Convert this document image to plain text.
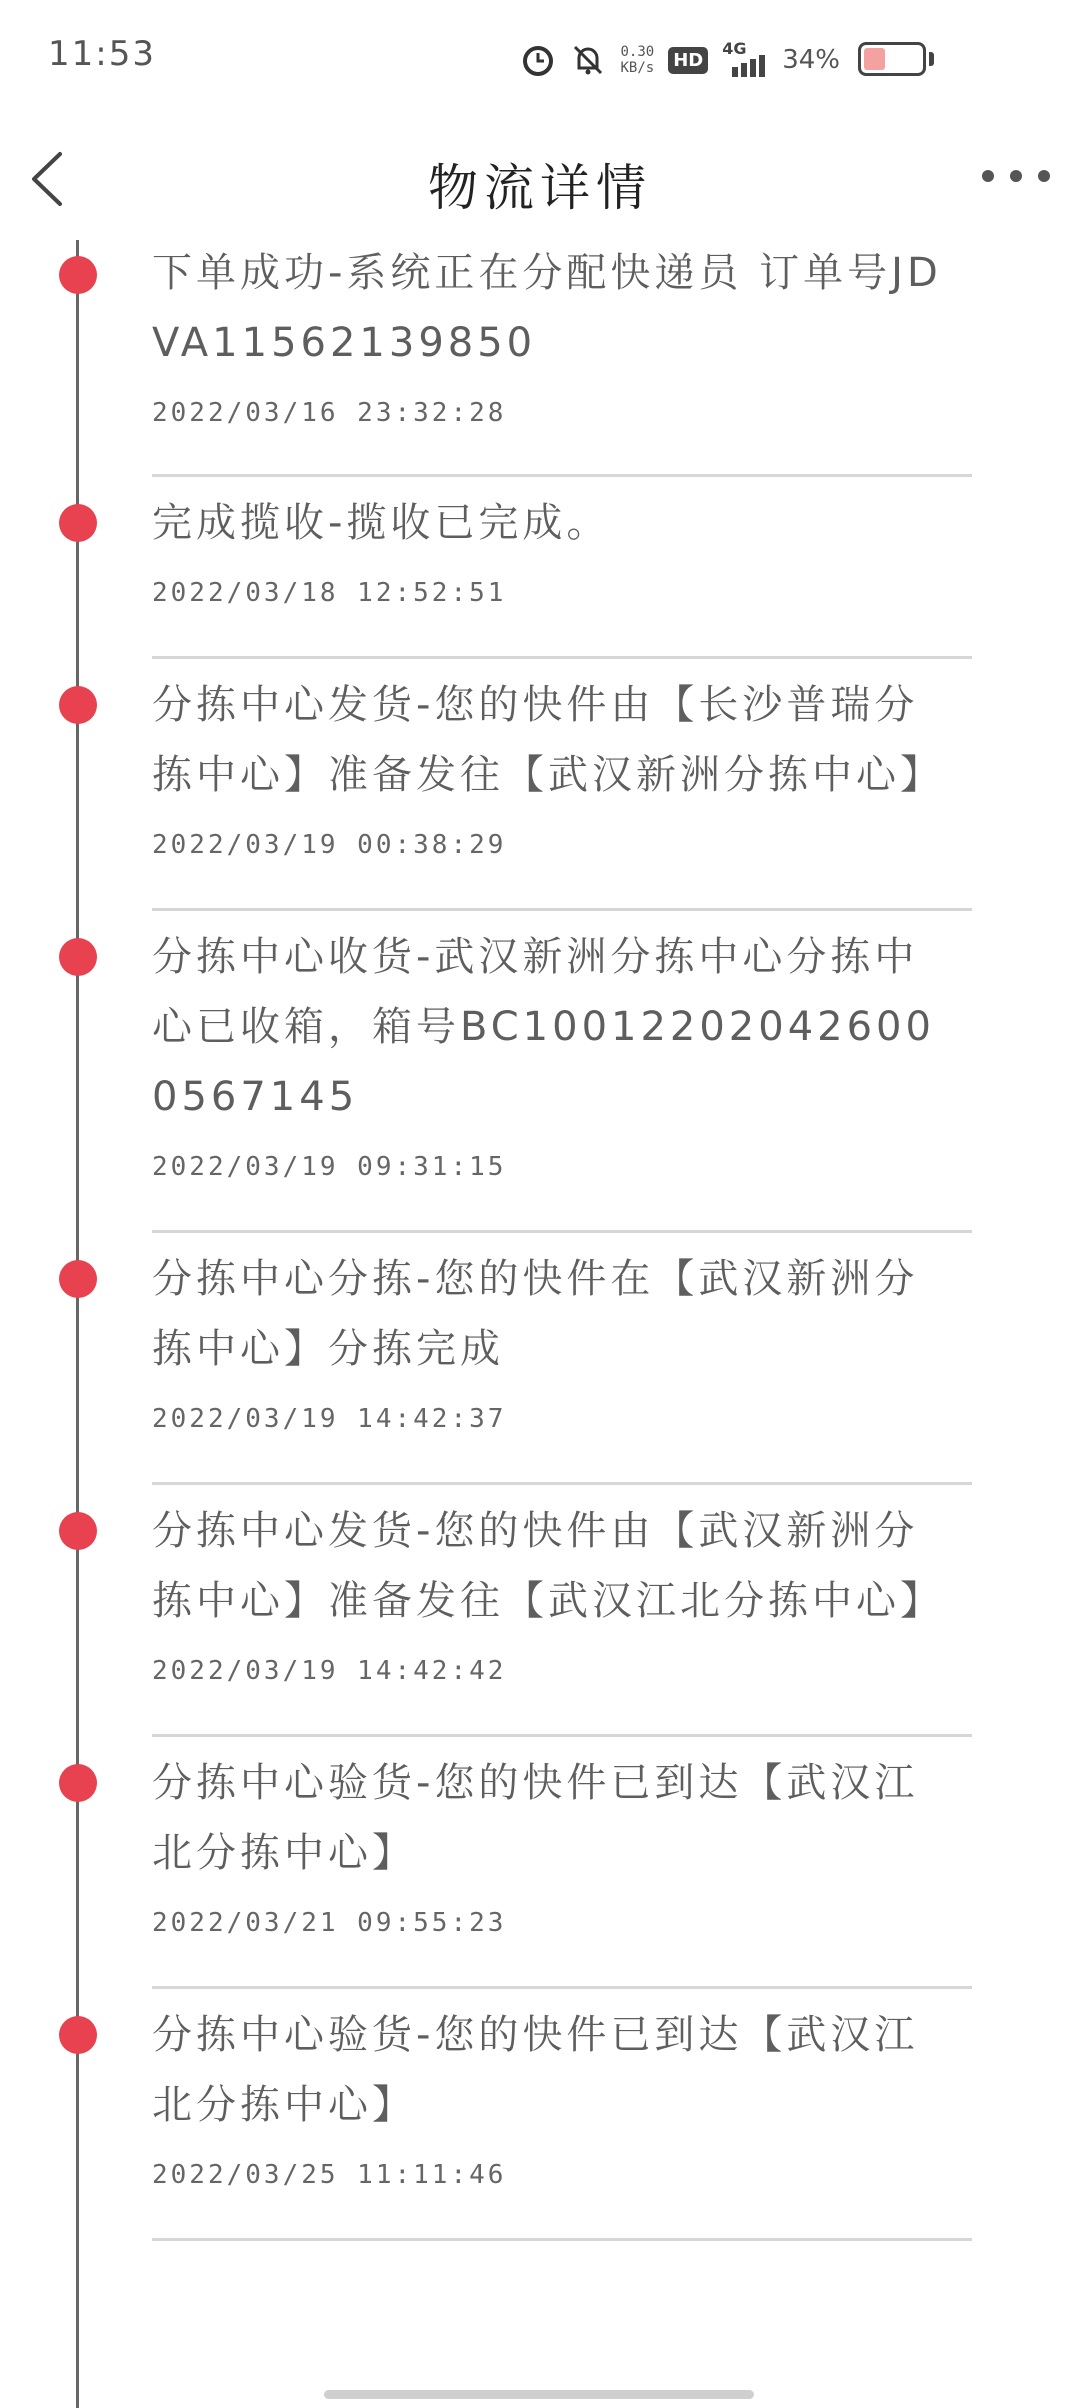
11:53	0.30
KB/s HD
4G 34%
物流详情
下单成功-系统正在分配快递员 订单号JDVA11562139850
2022/03/16 23:32:28
完成揽收-揽收已完成。
2022/03/18 12:52:51
分拣中心发货-您的快件由【长沙普瑞分拣中心】准备发往【武汉新洲分拣中心】
2022/03/19 00:38:29
分拣中心收货-武汉新洲分拣中心分拣中心已收箱，箱号BC100122020426000567145
2022/03/19 09:31:15
分拣中心分拣-您的快件在【武汉新洲分拣中心】分拣完成
2022/03/19 14:42:37
分拣中心发货-您的快件由【武汉新洲分拣中心】准备发往【武汉江北分拣中心】
2022/03/19 14:42:42
分拣中心验货-您的快件已到达【武汉江北分拣中心】
2022/03/21 09:55:23
分拣中心验货-您的快件已到达【武汉江北分拣中心】
2022/03/25 11:11:46
